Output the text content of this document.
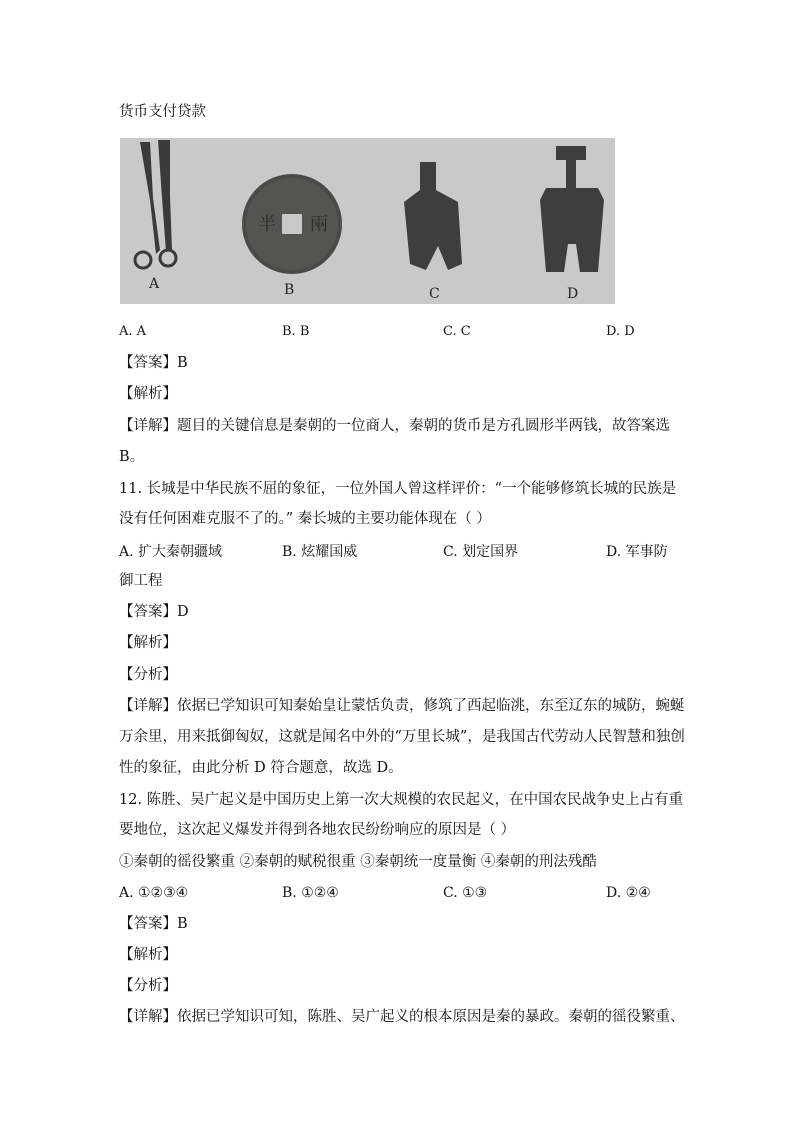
货币支付贷款
半 兩
A	B	C	D
A. A	B. B	C. C	D. D
【答案】B
【解析】
【详解】题目的关键信息是秦朝的一位商人，秦朝的货币是方孔圆形半两钱，故答案选
B。
11. 长城是中华民族不屈的象征，一位外国人曾这样评价：“一个能够修筑长城的民族是
没有任何困难克服不了的。” 秦长城的主要功能体现在（ ）
A. 扩大秦朝疆域	B. 炫耀国威	C. 划定国界	D. 军事防
御工程
【答案】D
【解析】
【分析】
【详解】依据已学知识可知秦始皇让蒙恬负责，修筑了西起临洮，东至辽东的城防，蜿蜒
万余里，用来抵御匈奴，这就是闻名中外的“万里长城”，是我国古代劳动人民智慧和独创
性的象征，由此分析 D 符合题意，故选 D。
12. 陈胜、吴广起义是中国历史上第一次大规模的农民起义，在中国农民战争史上占有重
要地位，这次起义爆发并得到各地农民纷纷响应的原因是（ ）
①秦朝的徭役繁重 ②秦朝的赋税很重 ③秦朝统一度量衡 ④秦朝的刑法残酷
A. ①②③④	B. ①②④	C. ①③	D. ②④
【答案】B
【解析】
【分析】
【详解】依据已学知识可知，陈胜、吴广起义的根本原因是秦的暴政。秦朝的徭役繁重、
